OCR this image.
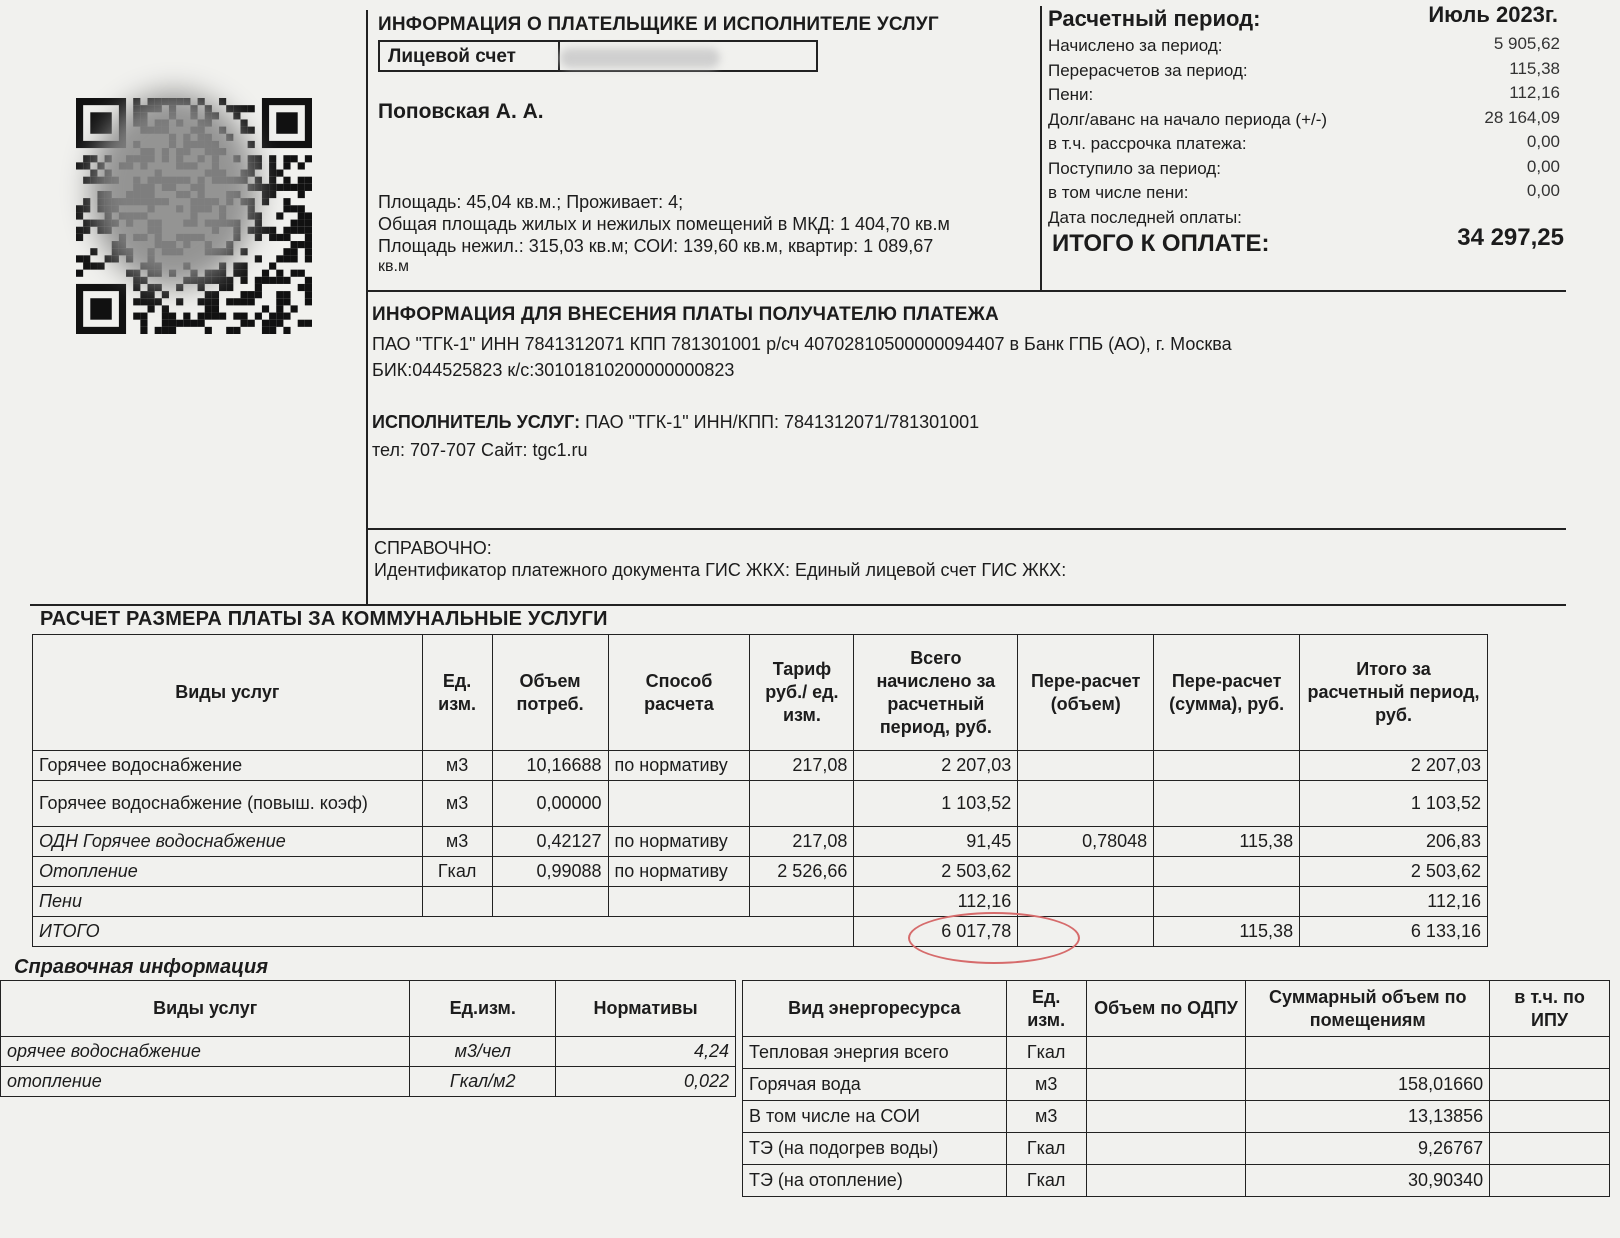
ИНФОРМАЦИЯ О ПЛАТЕЛЬЩИКЕ И ИСПОЛНИТЕЛЕ УСЛУГ
Лицевой счет
Поповская А. А.
Площадь: 45,04 кв.м.; Проживает: 4;
Общая площадь жилых и нежилых помещений в МКД: 1 404,70 кв.м
Площадь нежил.: 315,03 кв.м; СОИ: 139,60 кв.м, квартир: 1 089,67
кв.м
Расчетный период:	Июль 2023г.
Начислено за период:	5 905,62
Перерасчетов за период:	115,38
Пени:	112,16
Долг/аванс на начало периода (+/-)	28 164,09
в т.ч. рассрочка платежа:	0,00
Поступило за период:	0,00
в том числе пени:	0,00
Дата последней оплаты:
ИТОГО К ОПЛАТЕ:	34 297,25
ИНФОРМАЦИЯ ДЛЯ ВНЕСЕНИЯ ПЛАТЫ ПОЛУЧАТЕЛЮ ПЛАТЕЖА
ПАО "ТГК-1" ИНН 7841312071 КПП 781301001 р/сч 40702810500000094407 в Банк ГПБ (АО), г. Москва
БИК:044525823 к/с:30101810200000000823
ИСПОЛНИТЕЛЬ УСЛУГ: ПАО "ТГК-1" ИНН/КПП: 7841312071/781301001
тел: 707-707 Сайт: tgc1.ru
СПРАВОЧНО:
Идентификатор платежного документа ГИС ЖКХ: Единый лицевой счет ГИС ЖКХ:
РАСЧЕТ РАЗМЕРА ПЛАТЫ ЗА КОММУНАЛЬНЫЕ УСЛУГИ
Виды услуг	Ед. изм.	Объем потреб.	Способ расчета	Тариф руб./ ед. изм.	Всего начислено за расчетный период, руб.	Пере-расчет (объем)	Пере-расчет (сумма), руб.	Итого за расчетный период, руб.
Горячее водоснабжение	м3	10,16688	по нормативу	217,08	2 207,03			2 207,03
Горячее водоснабжение (повыш. коэф)	м3	0,00000			1 103,52			1 103,52
ОДН Горячее водоснабжение	м3	0,42127	по нормативу	217,08	91,45	0,78048	115,38	206,83
Отопление	Гкал	0,99088	по нормативу	2 526,66	2 503,62			2 503,62
Пени					112,16			112,16
ИТОГО					6 017,78		115,38	6 133,16
Справочная информация
Виды услуг	Ед.изм.	Нормативы
орячее водоснабжение	м3/чел	4,24
отопление	Гкал/м2	0,022
Вид энергоресурса	Ед. изм.	Объем по ОДПУ	Суммарный объем по помещениям	в т.ч. по ИПУ
Тепловая энергия всего	Гкал			
Горячая вода	м3		158,01660	
В том числе на СОИ	м3		13,13856	
ТЭ (на подогрев воды)	Гкал		9,26767	
ТЭ (на отопление)	Гкал		30,90340	
